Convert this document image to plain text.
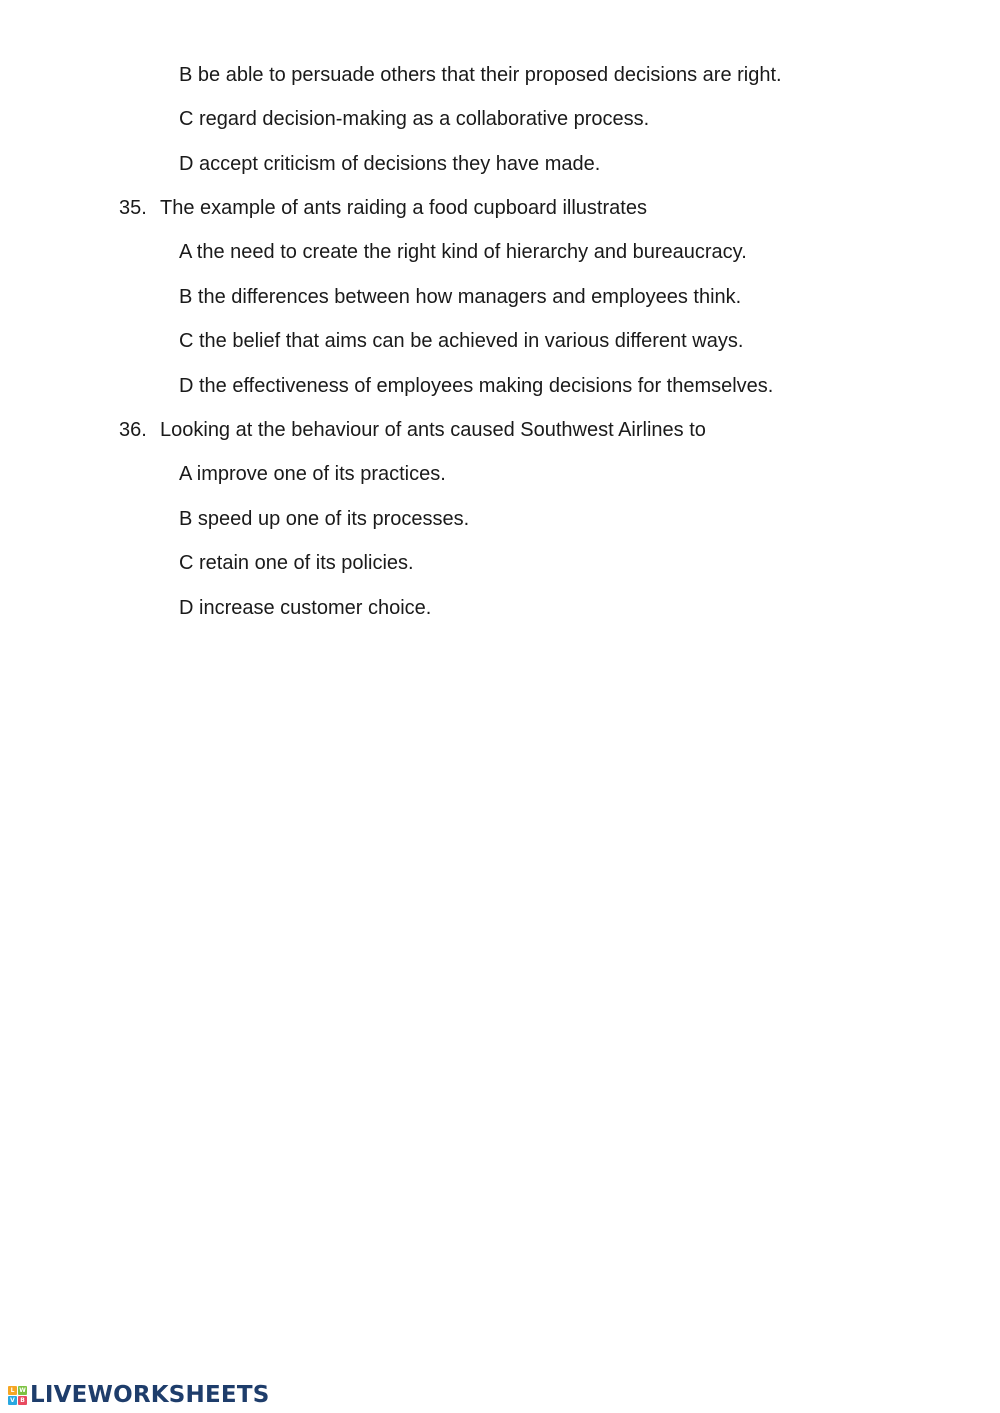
B be able to persuade others that their proposed decisions are right.
C regard decision-making as a collaborative process.
D accept criticism of decisions they have made.
35. The example of ants raiding a food cupboard illustrates
A the need to create the right kind of hierarchy and bureaucracy.
B the differences between how managers and employees think.
C the belief that aims can be achieved in various different ways.
D the effectiveness of employees making decisions for themselves.
36. Looking at the behaviour of ants caused Southwest Airlines to
A improve one of its practices.
B speed up one of its processes.
C retain one of its policies.
D increase customer choice.
L W
V B LIVEWORKSHEETS
